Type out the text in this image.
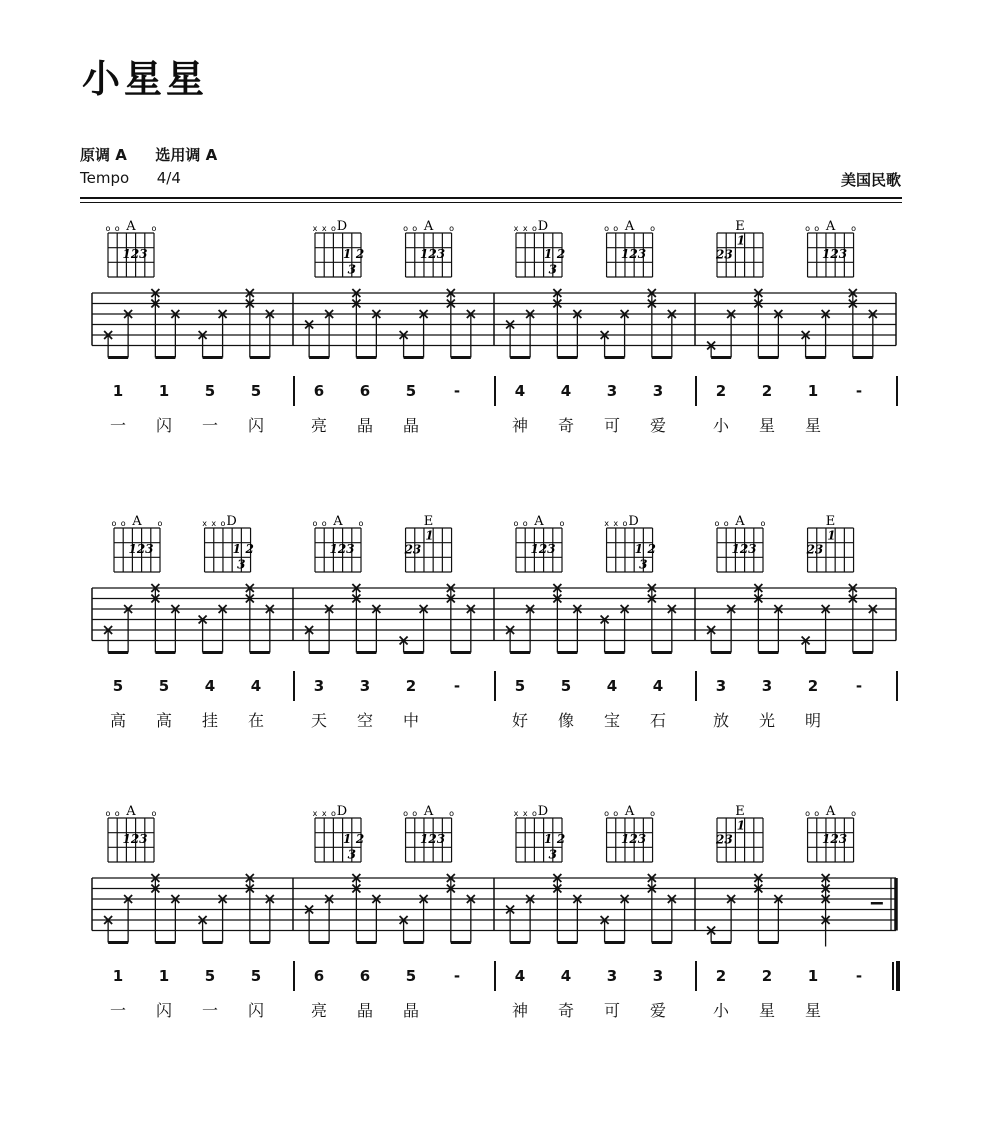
小星星
原调 A 选用调 A
Tempo 4/4	美国民歌
A
o o	o
123
D
x x o
1 2
3
A
o o	o
123
D
x x o
1 2
3
A
o o	o
123
E
1
23
A
o o	o
123
1 1 5 5	6 6 5	-	4 4 3 3	2 2 1	-
一 闪 一 闪	亮 晶 晶	神 奇 可 爱	小 星 星
A
o o	o
123
D
x x o
1 2
3
A
o o	o
123
E
1
23
A
o o	o
123
D
x x o
1 2
3
A
o o	o
123
E
1
23
5 5 4 4	3 3 2	-	5 5 4 4	3 3 2	-
高 高 挂 在	天 空 中	好 像 宝 石	放 光 明
A
o o	o
123
D
x x o
1 2
3
A
o o	o
123
D
x x o
1 2
3
A
o o	o
123
E
1
23
A
o o	o
123
1 1 5 5	6 6 5	-	4 4 3 3	2 2 1	-
一 闪 一 闪	亮 晶 晶	神 奇 可 爱	小 星 星
